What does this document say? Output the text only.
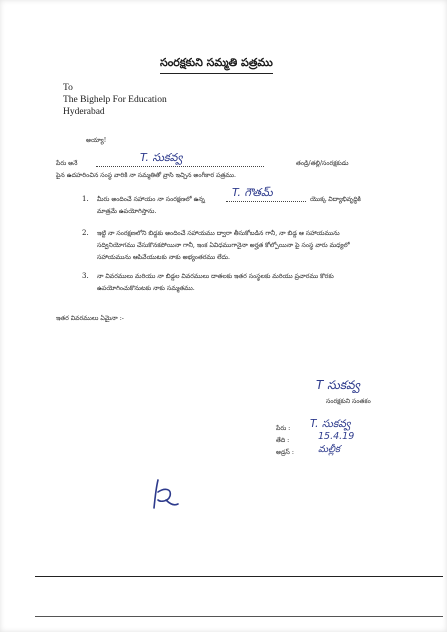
సంరక్షకుని సమ్మతి పత్రము
To
The Bighelp For Education
Hyderabad
అయ్యా!
పేరు అనే	T. సుకవ్వ	తండ్రి/తల్లి/సంరక్షకుడు
పైన ఉదహరించిన సంస్థ వారికి నా సమ్మతితో వ్రాసి ఇచ్చిన అంగీకార పత్రము.
1. మీరు అందించే సహాయం నా సంరక్షణలో ఉన్న
T. గౌతమ్
యొక్క విద్యాభివృద్ధికి
మాత్రమే ఉపయోగిస్తాను.
2. ఇట్టి నా సంరక్షణలోని బిడ్డకు అందించే సహాయము ద్వారా తీసుకోబడిన గానీ, నా బిడ్డ ఆ సహాయమును
సద్వినియోగము చేసుకొనకపోయినా గానీ, ఇంక ఏవిధముగానైనా అర్హత కోల్పోయినా పై సంస్థ వారు మధ్యలో
సహాయమును ఆపివేయుటకు నాకు అభ్యంతరము లేదు.
3. నా వివరములు మరియు నా బిడ్డల వివరములు దాతలకు ఇతర సంస్థలకు మరియు ప్రచారము కొరకు
ఉపయోగించుకొనుటకు నాకు సమ్మతము.
ఇతర వివరములు ఏమైనా :-
T సుకవ్వ
సంరక్షకుని సంతకం
పేరు : T. సుకవ్వ
తేది :	15.4.19
అడ్రస్ :	మల్లీక
